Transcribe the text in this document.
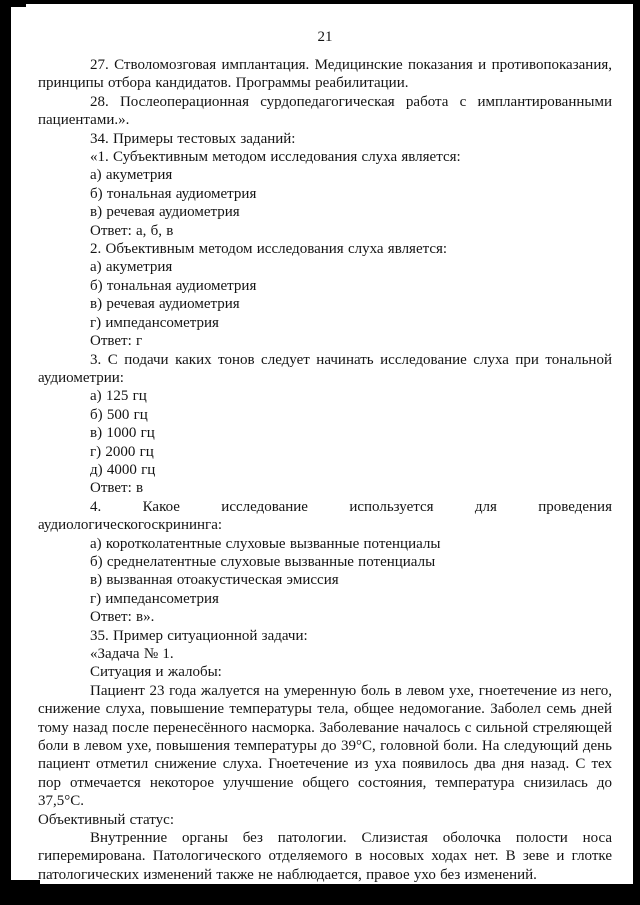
21

27. Стволомозговая имплантация. Медицинские показания и противопоказания, принципы отбора кандидатов. Программы реабилитации.

28. Послеоперационная сурдопедагогическая работа с имплантированными пациентами.».

34. Примеры тестовых заданий:

«1. Субъективным методом исследования слуха является:

а) акуметрия

б) тональная аудиометрия

в) речевая аудиометрия

Ответ: а, б, в

2. Объективным методом исследования слуха является:

а) акуметрия

б) тональная аудиометрия

в) речевая аудиометрия

г) импедансометрия

Ответ: г

3. С подачи каких тонов следует начинать исследование слуха при тональной аудиометрии:

а) 125 гц

б) 500 гц

в) 1000 гц

г) 2000 гц

д) 4000 гц

Ответ: в

4. Какое исследование используется для проведения аудиологическогоскрининга:

а) коротколатентные слуховые вызванные потенциалы

б) среднелатентные слуховые вызванные потенциалы

в) вызванная отоакустическая эмиссия

г) импедансометрия

Ответ: в».

35. Пример ситуационной задачи:

«Задача № 1.

Ситуация и жалобы:

Пациент 23 года жалуется на умеренную боль в левом ухе, гноетечение из него, снижение слуха, повышение температуры тела, общее недомогание. Заболел семь дней тому назад после перенесённого насморка. Заболевание началось с сильной стреляющей боли в левом ухе, повышения температуры до 39°С, головной боли. На следующий день пациент отметил снижение слуха. Гноетечение из уха появилось два дня назад. С тех пор отмечается некоторое улучшение общего состояния, температура снизилась до 37,5°С.

Объективный статус:

Внутренние органы без патологии. Слизистая оболочка полости носа гиперемирована. Патологического отделяемого в носовых ходах нет. В зеве и глотке патологических изменений также не наблюдается, правое ухо без изменений.
